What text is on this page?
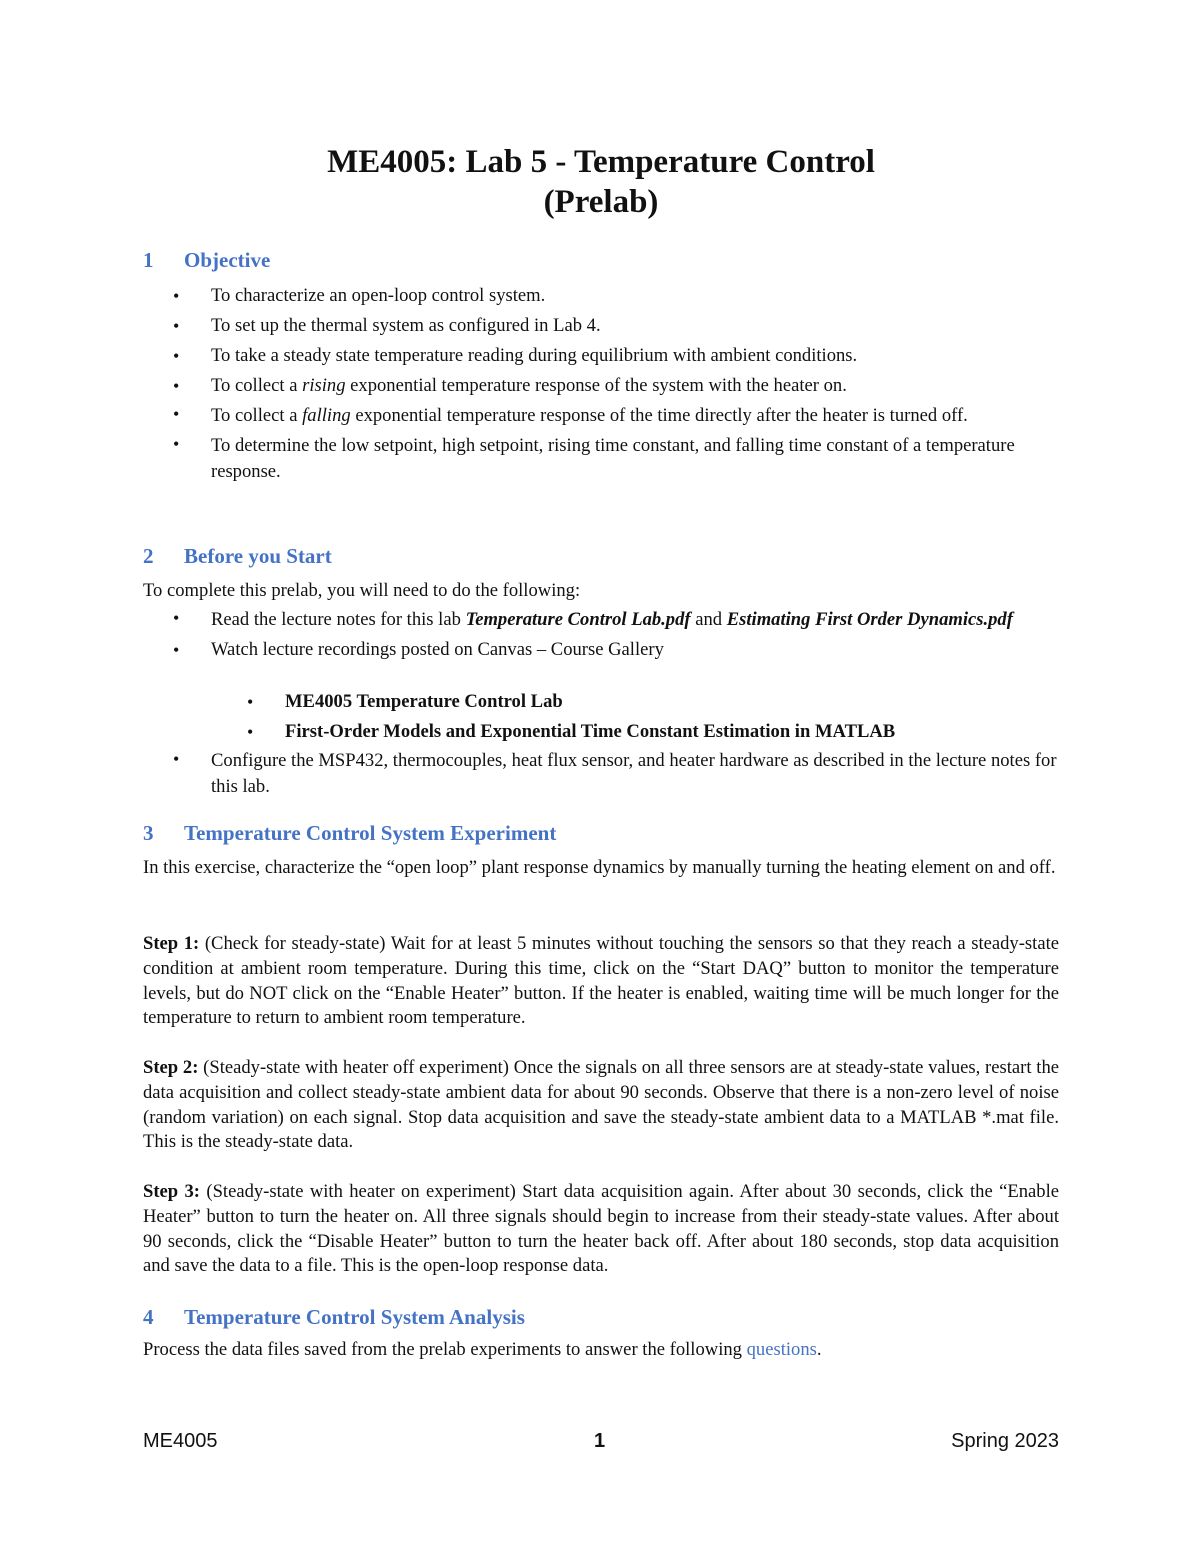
ME4005: Lab 5 - Temperature Control
(Prelab)
1 Objective
• To characterize an open-loop control system.
• To set up the thermal system as configured in Lab 4.
• To take a steady state temperature reading during equilibrium with ambient conditions.
• To collect a rising exponential temperature response of the system with the heater on.
• To collect a falling exponential temperature response of the time directly after the heater is turned off.
• To determine the low setpoint, high setpoint, rising time constant, and falling time constant of a temperature response.
2 Before you Start

To complete this prelab, you will need to do the following:

• Read the lecture notes for this lab Temperature Control Lab.pdf and Estimating First Order Dynamics.pdf
• Watch lecture recordings posted on Canvas – Course Gallery
• ME4005 Temperature Control Lab
• First-Order Models and Exponential Time Constant Estimation in MATLAB
• Configure the MSP432, thermocouples, heat flux sensor, and heater hardware as described in the lecture notes for this lab.
3 Temperature Control System Experiment

In this exercise, characterize the “open loop” plant response dynamics by manually turning the heating element on and off.

Step 1: (Check for steady-state) Wait for at least 5 minutes without touching the sensors so that they reach a steady-state condition at ambient room temperature. During this time, click on the “Start DAQ” button to monitor the temperature levels, but do NOT click on the “Enable Heater” button. If the heater is enabled, waiting time will be much longer for the temperature to return to ambient room temperature.

Step 2: (Steady-state with heater off experiment) Once the signals on all three sensors are at steady-state values, restart the data acquisition and collect steady-state ambient data for about 90 seconds. Observe that there is a non-zero level of noise (random variation) on each signal. Stop data acquisition and save the steady-state ambient data to a MATLAB *.mat file. This is the steady-state data.

Step 3: (Steady-state with heater on experiment) Start data acquisition again. After about 30 seconds, click the “Enable Heater” button to turn the heater on. All three signals should begin to increase from their steady-state values. After about 90 seconds, click the “Disable Heater” button to turn the heater back off. After about 180 seconds, stop data acquisition and save the data to a file. This is the open-loop response data.

4 Temperature Control System Analysis

Process the data files saved from the prelab experiments to answer the following questions.

ME4005	1	Spring 2023
